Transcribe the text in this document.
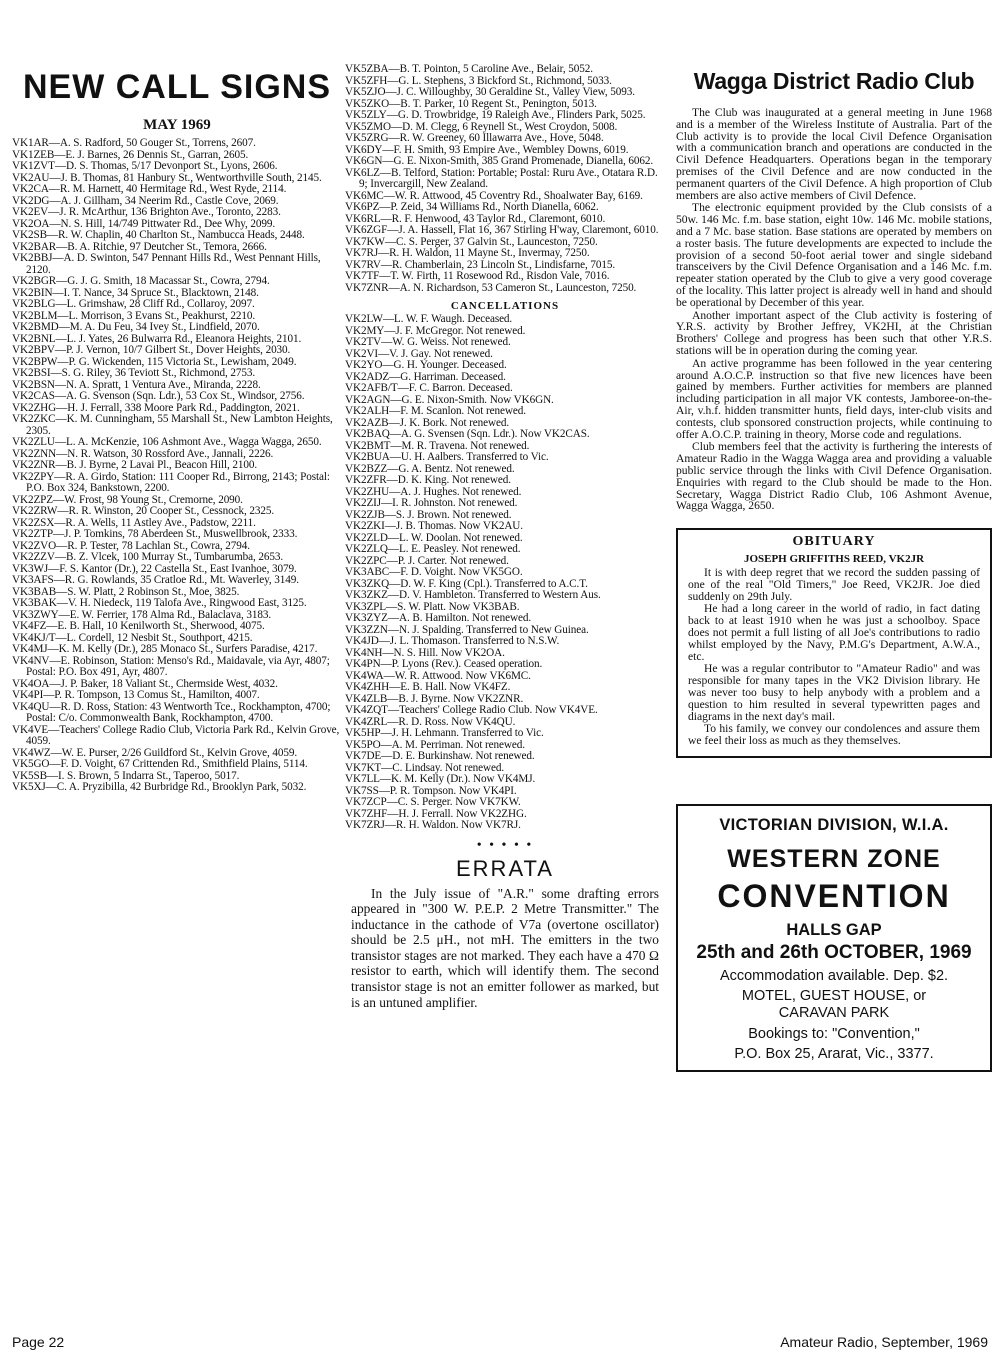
NEW CALL SIGNS
MAY 1969

VK1AR—A. S. Radford, 50 Gouger St., Torrens, 2607.

VK1ZEB—E. J. Barnes, 26 Dennis St., Garran, 2605.

VK1ZVT—D. S. Thomas, 5/17 Devonport St., Lyons, 2606.

VK2AU—J. B. Thomas, 81 Hanbury St., Wentworthville South, 2145.

VK2CA—R. M. Harnett, 40 Hermitage Rd., West Ryde, 2114.

VK2DG—A. J. Gillham, 34 Neerim Rd., Castle Cove, 2069.

VK2EV—J. R. McArthur, 136 Brighton Ave., Toronto, 2283.

VK2OA—N. S. Hill, 14/749 Pittwater Rd., Dee Why, 2099.

VK2SB—R. W. Chaplin, 40 Charlton St., Nambucca Heads, 2448.

VK2BAR—B. A. Ritchie, 97 Deutcher St., Temora, 2666.

VK2BBJ—A. D. Swinton, 547 Pennant Hills Rd., West Pennant Hills, 2120.

VK2BGR—G. J. G. Smith, 18 Macassar St., Cowra, 2794.

VK2BIN—I. T. Nance, 34 Spruce St., Blacktown, 2148.

VK2BLG—L. Grimshaw, 28 Cliff Rd., Collaroy, 2097.

VK2BLM—L. Morrison, 3 Evans St., Peakhurst, 2210.

VK2BMD—M. A. Du Feu, 34 Ivey St., Lindfield, 2070.

VK2BNL—L. J. Yates, 26 Bulwarra Rd., Eleanora Heights, 2101.

VK2BPV—P. J. Vernon, 10/7 Gilbert St., Dover Heights, 2030.

VK2BPW—P. G. Wickenden, 115 Victoria St., Lewisham, 2049.

VK2BSI—S. G. Riley, 36 Teviott St., Richmond, 2753.

VK2BSN—N. A. Spratt, 1 Ventura Ave., Miranda, 2228.

VK2CAS—A. G. Svenson (Sqn. Ldr.), 53 Cox St., Windsor, 2756.

VK2ZHG—H. J. Ferrall, 338 Moore Park Rd., Paddington, 2021.

VK2ZKC—K. M. Cunningham, 55 Marshall St., New Lambton Heights, 2305.

VK2ZLU—L. A. McKenzie, 106 Ashmont Ave., Wagga Wagga, 2650.

VK2ZNN—N. R. Watson, 30 Rossford Ave., Jannali, 2226.

VK2ZNR—B. J. Byrne, 2 Lavai Pl., Beacon Hill, 2100.

VK2ZPY—R. A. Girdo, Station: 111 Cooper Rd., Birrong, 2143; Postal: P.O. Box 324, Bankstown, 2200.

VK2ZPZ—W. Frost, 98 Young St., Cremorne, 2090.

VK2ZRW—R. R. Winston, 20 Cooper St., Cessnock, 2325.

VK2ZSX—R. A. Wells, 11 Astley Ave., Padstow, 2211.

VK2ZTP—J. P. Tomkins, 78 Aberdeen St., Muswellbrook, 2333.

VK2ZVO—R. P. Tester, 78 Lachlan St., Cowra, 2794.

VK2ZZV—B. Z. Vlcek, 100 Murray St., Tumbarumba, 2653.

VK3WJ—F. S. Kantor (Dr.), 22 Castella St., East Ivanhoe, 3079.

VK3AFS—R. G. Rowlands, 35 Cratloe Rd., Mt. Waverley, 3149.

VK3BAB—S. W. Platt, 2 Robinson St., Moe, 3825.

VK3BAK—V. H. Niedeck, 119 Talofa Ave., Ringwood East, 3125.

VK3ZWY—E. W. Ferrier, 178 Alma Rd., Balaclava, 3183.

VK4FZ—E. B. Hall, 10 Kenilworth St., Sherwood, 4075.

VK4KJ/T—L. Cordell, 12 Nesbit St., Southport, 4215.

VK4MJ—K. M. Kelly (Dr.), 285 Monaco St., Surfers Paradise, 4217.

VK4NV—E. Robinson, Station: Menso's Rd., Maidavale, via Ayr, 4807; Postal: P.O. Box 491, Ayr, 4807.

VK4OA—J. P. Baker, 18 Valiant St., Chermside West, 4032.

VK4PI—P. R. Tompson, 13 Comus St., Hamilton, 4007.

VK4QU—R. D. Ross, Station: 43 Wentworth Tce., Rockhampton, 4700; Postal: C/o. Commonwealth Bank, Rockhampton, 4700.

VK4VE—Teachers' College Radio Club, Victoria Park Rd., Kelvin Grove, 4059.

VK4WZ—W. E. Purser, 2/26 Guildford St., Kelvin Grove, 4059.

VK5GO—F. D. Voight, 67 Crittenden Rd., Smithfield Plains, 5114.

VK5SB—I. S. Brown, 5 Indarra St., Taperoo, 5017.

VK5XJ—C. A. Pryzibilla, 42 Burbridge Rd., Brooklyn Park, 5032.

VK5ZBA—B. T. Pointon, 5 Caroline Ave., Belair, 5052.

VK5ZFH—G. L. Stephens, 3 Bickford St., Richmond, 5033.

VK5ZJO—J. C. Willoughby, 30 Geraldine St., Valley View, 5093.

VK5ZKO—B. T. Parker, 10 Regent St., Penington, 5013.

VK5ZLY—G. D. Trowbridge, 19 Raleigh Ave., Flinders Park, 5025.

VK5ZMO—D. M. Clegg, 6 Reynell St., West Croydon, 5008.

VK5ZRG—R. W. Greeney, 60 Illawarra Ave., Hove, 5048.

VK6DY—F. H. Smith, 93 Empire Ave., Wembley Downs, 6019.

VK6GN—G. E. Nixon-Smith, 385 Grand Promenade, Dianella, 6062.

VK6LZ—B. Telford, Station: Portable; Postal: Ruru Ave., Otatara R.D. 9; Invercargill, New Zealand.

VK6MC—W. R. Attwood, 45 Coventry Rd., Shoalwater Bay, 6169.

VK6PZ—P. Zeid, 34 Williams Rd., North Dianella, 6062.

VK6RL—R. F. Henwood, 43 Taylor Rd., Claremont, 6010.

VK6ZGF—J. A. Hassell, Flat 16, 367 Stirling H'way, Claremont, 6010.

VK7KW—C. S. Perger, 37 Galvin St., Launceston, 7250.

VK7RJ—R. H. Waldon, 11 Mayne St., Invermay, 7250.

VK7RV—R. Chamberlain, 23 Lincoln St., Lindisfarne, 7015.

VK7TF—T. W. Firth, 11 Rosewood Rd., Risdon Vale, 7016.

VK7ZNR—A. N. Richardson, 53 Cameron St., Launceston, 7250.

CANCELLATIONS

VK2LW—L. W. F. Waugh. Deceased.

VK2MY—J. F. McGregor. Not renewed.

VK2TV—W. G. Weiss. Not renewed.

VK2VI—V. J. Gay. Not renewed.

VK2YO—G. H. Younger. Deceased.

VK2ADZ—G. Harriman. Deceased.

VK2AFB/T—F. C. Barron. Deceased.

VK2AGN—G. E. Nixon-Smith. Now VK6GN.

VK2ALH—F. M. Scanlon. Not renewed.

VK2AZB—J. K. Bork. Not renewed.

VK2BAQ—A. G. Svensen (Sqn. Ldr.). Now VK2CAS.

VK2BMT—M. R. Travena. Not renewed.

VK2BUA—U. H. Aalbers. Transferred to Vic.

VK2BZZ—G. A. Bentz. Not renewed.

VK2ZFR—D. K. King. Not renewed.

VK2ZHU—A. J. Hughes. Not renewed.

VK2ZIJ—I. R. Johnston. Not renewed.

VK2ZJB—S. J. Brown. Not renewed.

VK2ZKI—J. B. Thomas. Now VK2AU.

VK2ZLD—L. W. Doolan. Not renewed.

VK2ZLQ—L. E. Peasley. Not renewed.

VK2ZPC—P. J. Carter. Not renewed.

VK3ABC—F. D. Voight. Now VK5GO.

VK3ZKQ—D. W. F. King (Cpl.). Transferred to A.C.T.

VK3ZKZ—D. V. Hambleton. Transferred to Western Aus.

VK3ZPL—S. W. Platt. Now VK3BAB.

VK3ZYZ—A. B. Hamilton. Not renewed.

VK3ZZN—N. J. Spalding. Transferred to New Guinea.

VK4JD—J. L. Thomason. Transferred to N.S.W.

VK4NH—N. S. Hill. Now VK2OA.

VK4PN—P. Lyons (Rev.). Ceased operation.

VK4WA—W. R. Attwood. Now VK6MC.

VK4ZHH—E. B. Hall. Now VK4FZ.

VK4ZLB—B. J. Byrne. Now VK2ZNR.

VK4ZQT—Teachers' College Radio Club. Now VK4VE.

VK4ZRL—R. D. Ross. Now VK4QU.

VK5HP—J. H. Lehmann. Transferred to Vic.

VK5PO—A. M. Perriman. Not renewed.

VK7DE—D. E. Burkinshaw. Not renewed.

VK7KT—C. Lindsay. Not renewed.

VK7LL—K. M. Kelly (Dr.). Now VK4MJ.

VK7SS—P. R. Tompson. Now VK4PI.

VK7ZCP—C. S. Perger. Now VK7KW.

VK7ZHF—H. J. Ferrall. Now VK2ZHG.

VK7ZRJ—R. H. Waldon. Now VK7RJ.

• • • • •
ERRATA

In the July issue of "A.R." some drafting errors appeared in "300 W. P.E.P. 2 Metre Transmitter." The inductance in the cathode of V7a (overtone oscillator) should be 2.5 μH., not mH. The emitters in the two transistor stages are not marked. They each have a 470 Ω resistor to earth, which will identify them. The second transistor stage is not an emitter follower as marked, but is an untuned amplifier.

Wagga District Radio Club

The Club was inaugurated at a general meeting in June 1968 and is a member of the Wireless Institute of Australia. Part of the Club activity is to provide the local Civil Defence Organisation with a communication branch and operations are conducted in the Civil Defence Headquarters. Operations began in the temporary premises of the Civil Defence and are now conducted in the permanent quarters of the Civil Defence. A high proportion of Club members are also active members of Civil Defence.

The electronic equipment provided by the Club consists of a 50w. 146 Mc. f.m. base station, eight 10w. 146 Mc. mobile stations, and a 7 Mc. base station. Base stations are operated by members on a roster basis. The future developments are expected to include the provision of a second 50-foot aerial tower and single sideband transceivers by the Civil Defence Organisation and a 146 Mc. f.m. repeater station operated by the Club to give a very good coverage of the locality. This latter project is already well in hand and should be operational by December of this year.

Another important aspect of the Club activity is fostering of Y.R.S. activity by Brother Jeffrey, VK2HI, at the Christian Brothers' College and progress has been such that other Y.R.S. stations will be in operation during the coming year.

An active programme has been followed in the year centering around A.O.C.P. instruction so that five new licences have been gained by members. Further activities for members are planned including participation in all major VK contests, Jamboree-on-the-Air, v.h.f. hidden transmitter hunts, field days, inter-club visits and contests, club sponsored construction projects, while continuing to offer A.O.C.P. training in theory, Morse code and regulations.

Club members feel that the activity is furthering the interests of Amateur Radio in the Wagga Wagga area and providing a valuable public service through the links with Civil Defence Organisation. Enquiries with regard to the Club should be made to the Hon. Secretary, Wagga District Radio Club, 106 Ashmont Avenue, Wagga Wagga, 2650.

OBITUARY
JOSEPH GRIFFITHS REED, VK2JR

It is with deep regret that we record the sudden passing of one of the real "Old Timers," Joe Reed, VK2JR. Joe died suddenly on 29th July.

He had a long career in the world of radio, in fact dating back to at least 1910 when he was just a schoolboy. Space does not permit a full listing of all Joe's contributions to radio whilst employed by the Navy, P.M.G's Department, A.W.A., etc.

He was a regular contributor to "Amateur Radio" and was responsible for many tapes in the VK2 Division library. He was never too busy to help anybody with a problem and a question to him resulted in several typewritten pages and diagrams in the next day's mail.

To his family, we convey our condolences and assure them we feel their loss as much as they themselves.

VICTORIAN DIVISION, W.I.A.
WESTERN ZONE
CONVENTION
HALLS GAP
25th and 26th OCTOBER, 1969
Accommodation available. Dep. $2.
MOTEL, GUEST HOUSE, or
CARAVAN PARK
Bookings to: "Convention,"
P.O. Box 25, Ararat, Vic., 3377.
Page 22	Amateur Radio, September, 1969
